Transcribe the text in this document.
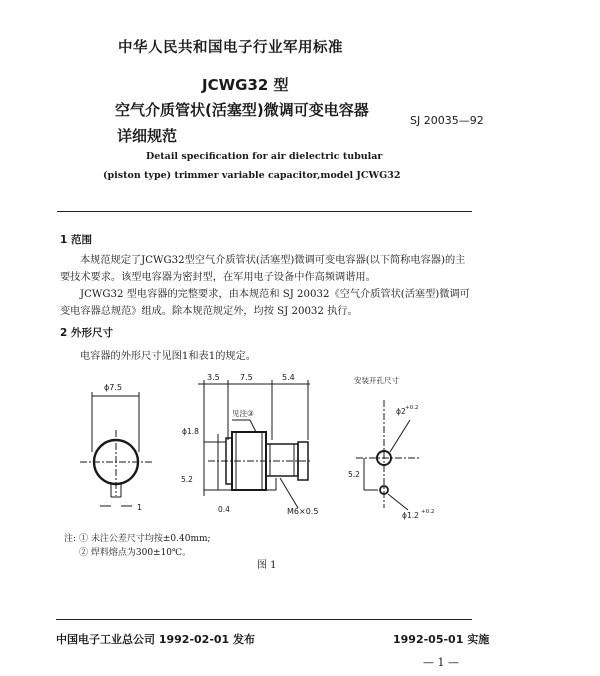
中华人民共和国电子行业军用标准
JCWG32 型
空气介质管状(活塞型)微调可变电容器
SJ 20035—92
详细规范
Detail specification for air dielectric tubular
(piston type) trimmer variable capacitor,model JCWG32
1 范围

本规范规定了JCWG32型空气介质管状(活塞型)微调可变电容器(以下简称电容器)的主要技术要求。该型电容器为密封型，在军用电子设备中作高频调谐用。

JCWG32 型电容器的完整要求，由本规范和 SJ 20032《空气介质管状(活塞型)微调可变电容器总规范》组成。除本规范规定外，均按 SJ 20032 执行。

2 外形尺寸

电容器的外形尺寸见图1和表1的规定。

ϕ7.5
1
3.5	7.5	5.4
见注③
ϕ1.8
5.2
0.4	M6×0.5
安装开孔尺寸
ϕ2 +0.2
5.2
ϕ1.2 +0.2
注: ① 未注公差尺寸均按±0.40mm;
② 焊料熔点为300±10℃。
图 1
中国电子工业总公司 1992-02-01 发布	1992-05-01 实施
— 1 —
